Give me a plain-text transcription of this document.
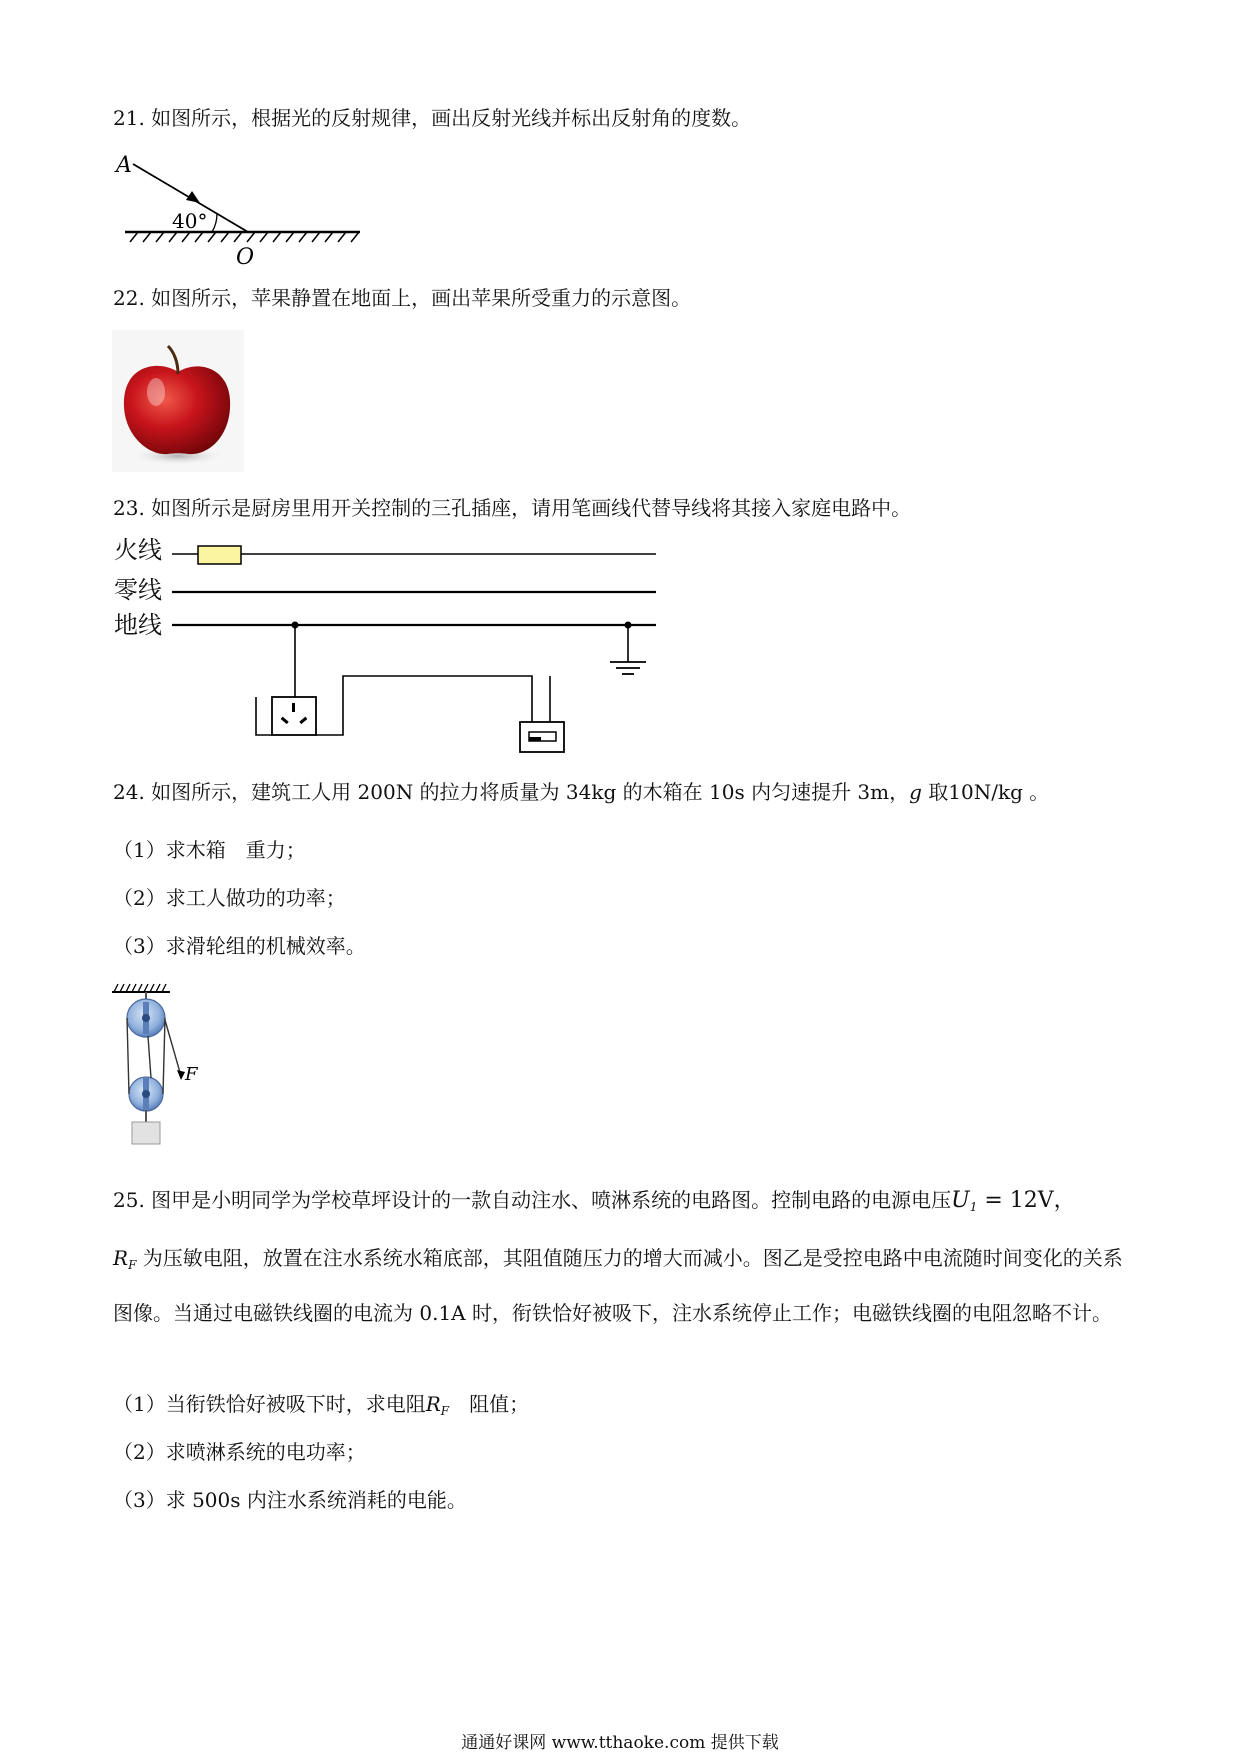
21. 如图所示，根据光的反射规律，画出反射光线并标出反射角的度数。
A
40°
O
22. 如图所示，苹果静置在地面上，画出苹果所受重力的示意图。
23. 如图所示是厨房里用开关控制的三孔插座，请用笔画线代替导线将其接入家庭电路中。
火线
零线
地线
24. 如图所示，建筑工人用 200N 的拉力将质量为 34kg 的木箱在 10s 内匀速提升 3m，g 取10N/kg 。
（1）求木箱　重力；
（2）求工人做功的功率；
（3）求滑轮组的机械效率。
F
25. 图甲是小明同学为学校草坪设计的一款自动注水、喷淋系统的电路图。控制电路的电源电压$U_1 = 12V$，
$R_F$ 为压敏电阻，放置在注水系统水箱底部，其阻值随压力的增大而减小。图乙是受控电路中电流随时间变化的关系图像。当通过电磁铁线圈的电流为 0.1A 时，衔铁恰好被吸下，注水系统停止工作；电磁铁线圈的电阻忽略不计。
（1）当衔铁恰好被吸下时，求电阻$R_F$　阻值；
（2）求喷淋系统的电功率；
（3）求 500s 内注水系统消耗的电能。
通通好课网 www.tthaoke.com 提供下载
